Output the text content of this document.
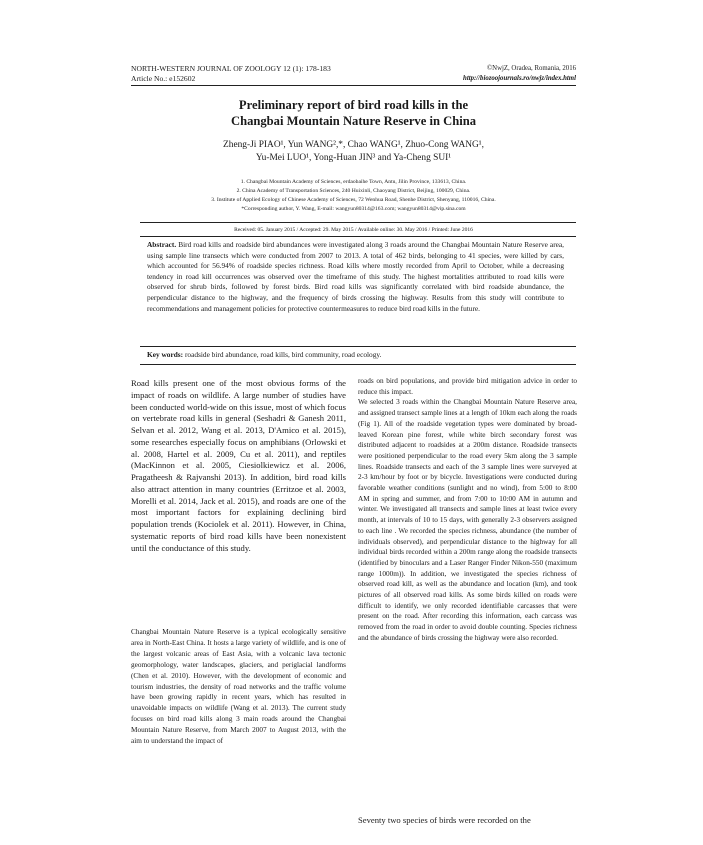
NORTH-WESTERN JOURNAL OF ZOOLOGY 12 (1): 178-183
Article No.: e152602
©NwjZ, Oradea, Romania, 2016
http://biozoojournals.ro/nwjz/index.html
Preliminary report of bird road kills in the
Changbai Mountain Nature Reserve in China
Zheng-Ji PIAO¹, Yun WANG²,*, Chao WANG¹, Zhuo-Cong WANG¹,
Yu-Mei LUO¹, Yong-Huan JIN³ and Ya-Cheng SUI¹
1. Changbai Mountain Academy of Sciences, erdaobaihe Town, Antu, Jilin Province, 133613, China.
2. China Academy of Transportation Sciences, 240 Huixinli, Chaoyang District, Beijing, 100029, China.
3. Institute of Applied Ecology of Chinese Academy of Sciences, 72 Wenhua Road, Shenhe District, Shenyang, 110016, China.
*Corresponding author, Y. Wang, E-mail: wangyun80314@163.com; wangyun80314@vip.sina.com
Received: 05. January 2015 / Accepted: 29. May 2015 / Available online: 30. May 2016 / Printed: June 2016
Abstract. Bird road kills and roadside bird abundances were investigated along 3 roads around the Changbai Mountain Nature Reserve area, using sample line transects which were conducted from 2007 to 2013. A total of 462 birds, belonging to 41 species, were killed by cars, which accounted for 56.94% of roadside species richness. Road kills where mostly recorded from April to October, while a decreasing tendency in road kill occurrences was observed over the timeframe of this study. The highest mortalities attributed to road kills were observed for shrub birds, followed by forest birds. Bird road kills was significantly correlated with bird roadside abundance, the perpendicular distance to the highway, and the frequency of birds crossing the highway. Results from this study will contribute to recommendations and management policies for protective countermeasures to reduce bird road kills in the future.
Key words: roadside bird abundance, road kills, bird community, road ecology.

Road kills present one of the most obvious forms of the impact of roads on wildlife. A large number of studies have been conducted world-wide on this issue, most of which focus on vertebrate road kills in general (Seshadri & Ganesh 2011, Selvan et al. 2012, Wang et al. 2013, D'Amico et al. 2015), some researches especially focus on amphibians (Orlowski et al. 2008, Hartel et al. 2009, Cu et al. 2011), and reptiles (MacKinnon et al. 2005, Ciesiolkiewicz et al. 2006, Pragatheesh & Rajvanshi 2013). In addition, bird road kills also attract attention in many countries (Erritzoe et al. 2003, Morelli et al. 2014, Jack et al. 2015), and roads are one of the most important factors for explaining declining bird population trends (Kociolek et al. 2011). However, in China, systematic reports of bird road kills have been nonexistent until the conductance of this study.

Changbai Mountain Nature Reserve is a typical ecologically sensitive area in North-East China. It hosts a large variety of wildlife, and is one of the largest volcanic areas of East Asia, with a volcanic lava tectonic geomorphology, water landscapes, glaciers, and periglacial landforms (Chen et al. 2010). However, with the development of economic and tourism industries, the density of road networks and the traffic volume have been growing rapidly in recent years, which has resulted in unavoidable impacts on wildlife (Wang et al. 2013). The current study focuses on bird road kills along 3 main roads around the Changbai Mountain Nature Reserve, from March 2007 to August 2013, with the aim to understand the impact of

roads on bird populations, and provide bird mitigation advice in order to reduce this impact.

We selected 3 roads within the Changbai Mountain Nature Reserve area, and assigned transect sample lines at a length of 10km each along the roads (Fig 1). All of the roadside vegetation types were dominated by broad-leaved Korean pine forest, while white birch secondary forest was distributed adjacent to roadsides at a 200m distance. Roadside transects were positioned perpendicular to the road every 5km along the 3 sample lines. Roadside transects and each of the 3 sample lines were surveyed at 2-3 km/hour by foot or by bicycle. Investigations were conducted during favorable weather conditions (sunlight and no wind), from 5:00 to 8:00 AM in spring and summer, and from 7:00 to 10:00 AM in autumn and winter. We investigated all transects and sample lines at least twice every month, at intervals of 10 to 15 days, with generally 2-3 observers assigned to each line . We recorded the species richness, abundance (the number of individuals observed), and perpendicular distance to the highway for all individual birds recorded within a 200m range along the roadside transects (identified by binoculars and a Laser Ranger Finder Nikon-550 (maximum range 1000m)). In addition, we investigated the species richness of observed road kill, as well as the abundance and location (km), and took pictures of all observed road kills. As some birds killed on roads were difficult to identify, we only recorded identifiable carcasses that were present on the road. After recording this information, each carcass was removed from the road in order to avoid double counting. Species richness and the abundance of birds crossing the highway were also recorded.

Seventy two species of birds were recorded on the
